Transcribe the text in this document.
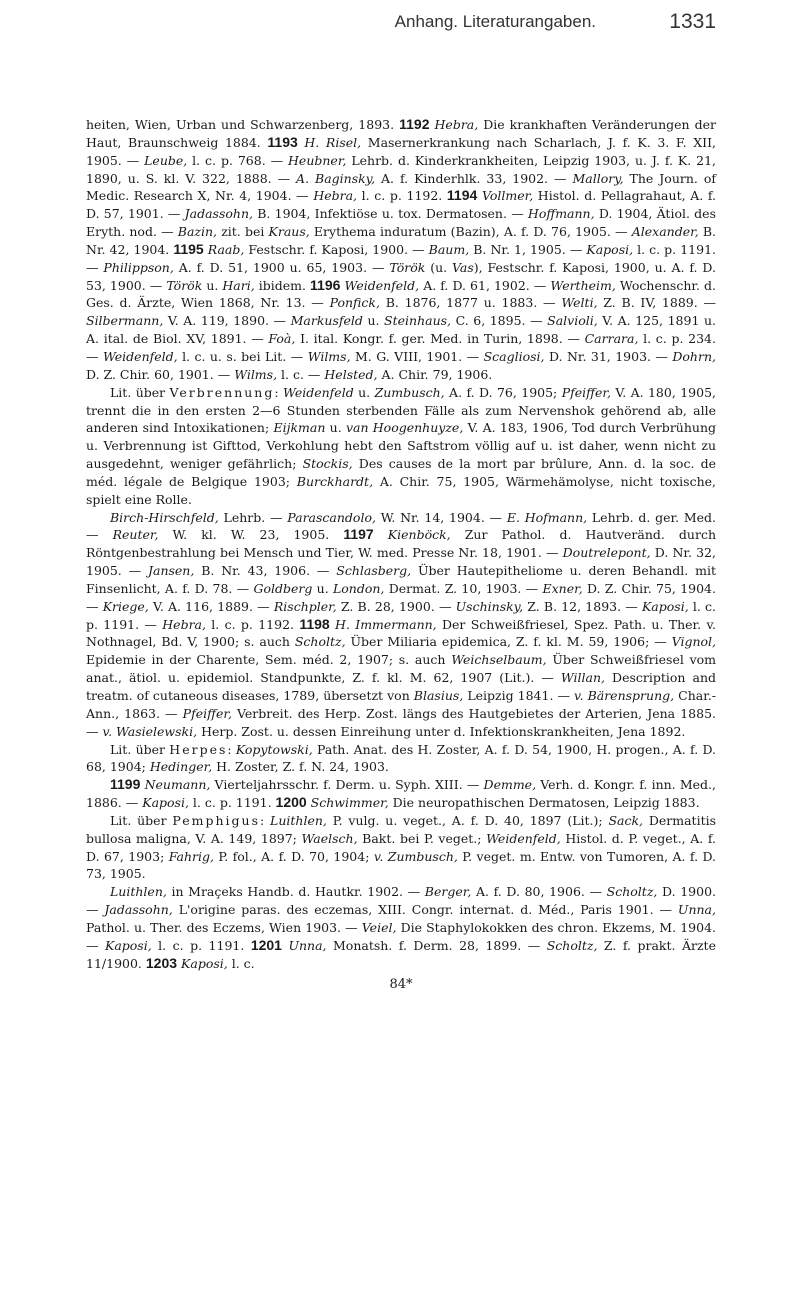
Anhang. Literaturangaben.	1331

heiten, Wien, Urban und Schwarzenberg, 1893. 1192 Hebra, Die krankhaften Veränderungen der Haut, Braunschweig 1884. 1193 H. Risel, Masernerkrankung nach Scharlach, J. f. K. 3. F. XII, 1905. — Leube, l. c. p. 768. — Heubner, Lehrb. d. Kinderkrankheiten, Leipzig 1903, u. J. f. K. 21, 1890, u. S. kl. V. 322, 1888. — A. Baginsky, A. f. Kinderhlk. 33, 1902. — Mallory, The Journ. of Medic. Research X, Nr. 4, 1904. — Hebra, l. c. p. 1192. 1194 Vollmer, Histol. d. Pellagrahaut, A. f. D. 57, 1901. — Jadassohn, B. 1904, Infektiöse u. tox. Dermatosen. — Hoffmann, D. 1904, Ätiol. des Eryth. nod. — Bazin, zit. bei Kraus, Erythema induratum (Bazin), A. f. D. 76, 1905. — Alexander, B. Nr. 42, 1904. 1195 Raab, Festschr. f. Kaposi, 1900. — Baum, B. Nr. 1, 1905. — Kaposi, l. c. p. 1191. — Philippson, A. f. D. 51, 1900 u. 65, 1903. — Török (u. Vas), Festschr. f. Kaposi, 1900, u. A. f. D. 53, 1900. — Török u. Hari, ibidem. 1196 Weidenfeld, A. f. D. 61, 1902. — Wertheim, Wochenschr. d. Ges. d. Ärzte, Wien 1868, Nr. 13. — Ponfick, B. 1876, 1877 u. 1883. — Welti, Z. B. IV, 1889. — Silbermann, V. A. 119, 1890. — Markusfeld u. Steinhaus, C. 6, 1895. — Salvioli, V. A. 125, 1891 u. A. ital. de Biol. XV, 1891. — Foà, I. ital. Kongr. f. ger. Med. in Turin, 1898. — Carrara, l. c. p. 234. — Weidenfeld, l. c. u. s. bei Lit. — Wilms, M. G. VIII, 1901. — Scagliosi, D. Nr. 31, 1903. — Dohrn, D. Z. Chir. 60, 1901. — Wilms, l. c. — Helsted, A. Chir. 79, 1906.

Lit. über Verbrennung: Weidenfeld u. Zumbusch, A. f. D. 76, 1905; Pfeiffer, V. A. 180, 1905, trennt die in den ersten 2—6 Stunden sterbenden Fälle als zum Nervenshok gehörend ab, alle anderen sind Intoxikationen; Eijkman u. van Hoogenhuyze, V. A. 183, 1906, Tod durch Verbrühung u. Verbrennung ist Gifttod, Verkohlung hebt den Saftstrom völlig auf u. ist daher, wenn nicht zu ausgedehnt, weniger gefährlich; Stockis, Des causes de la mort par brûlure, Ann. d. la soc. de méd. légale de Belgique 1903; Burckhardt, A. Chir. 75, 1905, Wärmehämolyse, nicht toxische, spielt eine Rolle.

Birch-Hirschfeld, Lehrb. — Parascandolo, W. Nr. 14, 1904. — E. Hofmann, Lehrb. d. ger. Med. — Reuter, W. kl. W. 23, 1905. 1197 Kienböck, Zur Pathol. d. Hautveränd. durch Röntgenbestrahlung bei Mensch und Tier, W. med. Presse Nr. 18, 1901. — Doutrelepont, D. Nr. 32, 1905. — Jansen, B. Nr. 43, 1906. — Schlasberg, Über Hautepitheliome u. deren Behandl. mit Finsenlicht, A. f. D. 78. — Goldberg u. London, Dermat. Z. 10, 1903. — Exner, D. Z. Chir. 75, 1904. — Kriege, V. A. 116, 1889. — Rischpler, Z. B. 28, 1900. — Uschinsky, Z. B. 12, 1893. — Kaposi, l. c. p. 1191. — Hebra, l. c. p. 1192. 1198 H. Immermann, Der Schweißfriesel, Spez. Path. u. Ther. v. Nothnagel, Bd. V, 1900; s. auch Scholtz, Über Miliaria epidemica, Z. f. kl. M. 59, 1906; — Vignol, Epidemie in der Charente, Sem. méd. 2, 1907; s. auch Weichselbaum, Über Schweißfriesel vom anat., ätiol. u. epidemiol. Standpunkte, Z. f. kl. M. 62, 1907 (Lit.). — Willan, Description and treatm. of cutaneous diseases, 1789, übersetzt von Blasius, Leipzig 1841. — v. Bärensprung, Char.-Ann., 1863. — Pfeiffer, Verbreit. des Herp. Zost. längs des Hautgebietes der Arterien, Jena 1885. — v. Wasielewski, Herp. Zost. u. dessen Einreihung unter d. Infektionskrankheiten, Jena 1892.

Lit. über Herpes: Kopytowski, Path. Anat. des H. Zoster, A. f. D. 54, 1900, H. progen., A. f. D. 68, 1904; Hedinger, H. Zoster, Z. f. N. 24, 1903.

1199 Neumann, Vierteljahrsschr. f. Derm. u. Syph. XIII. — Demme, Verh. d. Kongr. f. inn. Med., 1886. — Kaposi, l. c. p. 1191. 1200 Schwimmer, Die neuropathischen Dermatosen, Leipzig 1883.

Lit. über Pemphigus: Luithlen, P. vulg. u. veget., A. f. D. 40, 1897 (Lit.); Sack, Dermatitis bullosa maligna, V. A. 149, 1897; Waelsch, Bakt. bei P. veget.; Weidenfeld, Histol. d. P. veget., A. f. D. 67, 1903; Fahrig, P. fol., A. f. D. 70, 1904; v. Zumbusch, P. veget. m. Entw. von Tumoren, A. f. D. 73, 1905.

Luithlen, in Mraçeks Handb. d. Hautkr. 1902. — Berger, A. f. D. 80, 1906. — Scholtz, D. 1900. — Jadassohn, L'origine paras. des eczemas, XIII. Congr. internat. d. Méd., Paris 1901. — Unna, Pathol. u. Ther. des Eczems, Wien 1903. — Veiel, Die Staphylokokken des chron. Ekzems, M. 1904. — Kaposi, l. c. p. 1191. 1201 Unna, Monatsh. f. Derm. 28, 1899. — Scholtz, Z. f. prakt. Ärzte 11/1900. 1203 Kaposi, l. c.

84*
